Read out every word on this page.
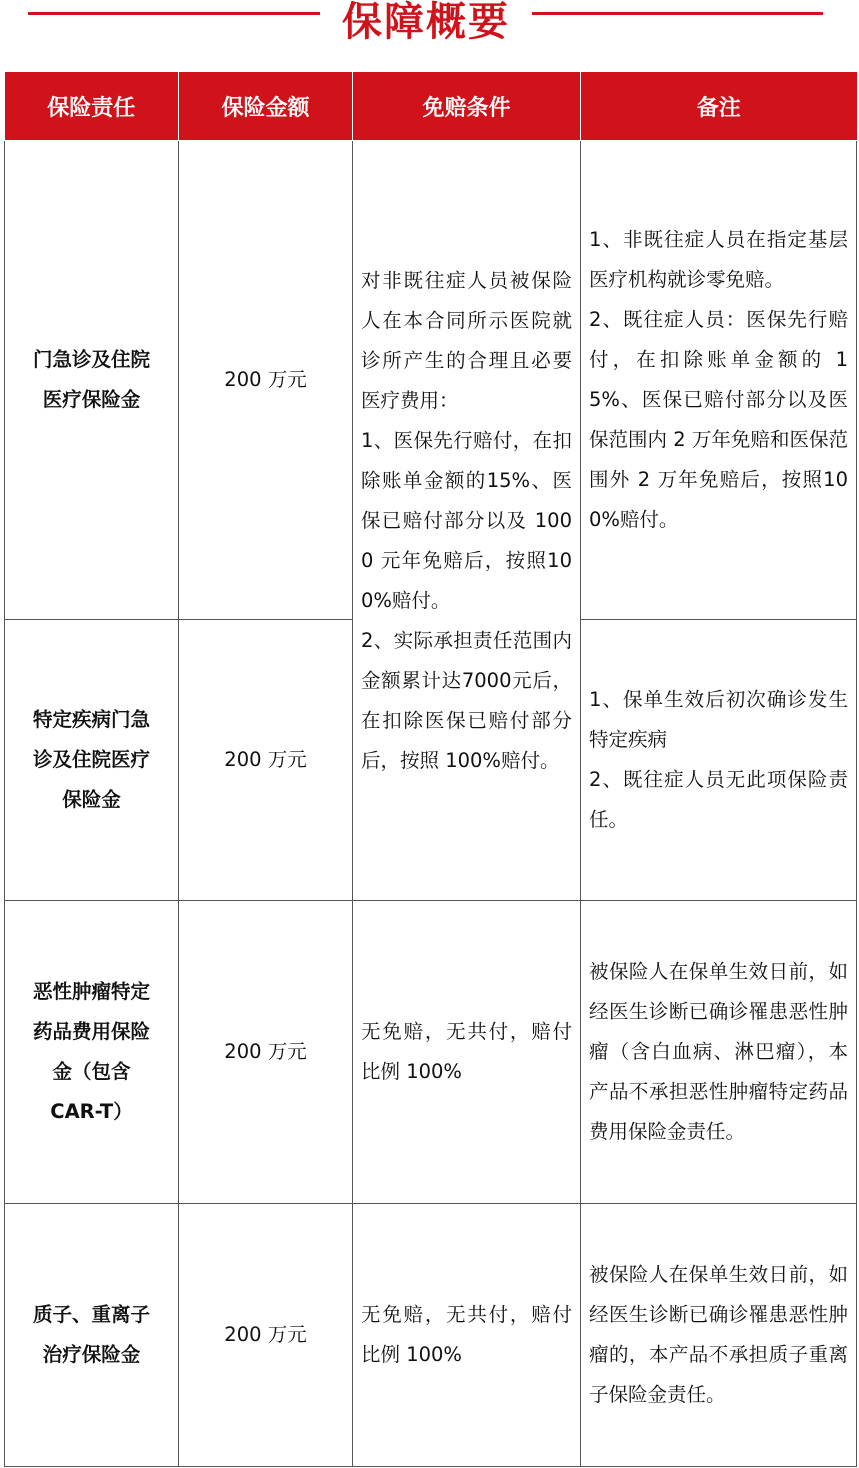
保障概要
保险责任	保险金额	免赔条件	备注

门急诊及住院
医疗保险金	200 万元	对非既往症人员被保险人在本合同所示医院就诊所产生的合理且必要医疗费用：
1、医保先行赔付，在扣除账单金额的15%、医保已赔付部分以及 1000 元年免赔后，按照100%赔付。
2、实际承担责任范围内金额累计达7000元后，在扣除医保已赔付部分后，按照 100%赔付。	1、非既往症人员在指定基层医疗机构就诊零免赔。
2、既往症人员：医保先行赔付，在扣除账单金额的 15%、医保已赔付部分以及医保范围内 2 万年免赔和医保范围外 2 万年免赔后，按照100%赔付。

特定疾病门急
诊及住院医疗
保险金	200 万元		1、保单生效后初次确诊发生特定疾病
2、既往症人员无此项保险责任。

恶性肿瘤特定
药品费用保险
金（包含
CAR-T）	200 万元	无免赔，无共付，赔付比例 100%	被保险人在保单生效日前，如经医生诊断已确诊罹患恶性肿瘤（含白血病、淋巴瘤），本产品不承担恶性肿瘤特定药品费用保险金责任。

质子、重离子
治疗保险金	200 万元	无免赔，无共付，赔付比例 100%	被保险人在保单生效日前，如经医生诊断已确诊罹患恶性肿瘤的，本产品不承担质子重离子保险金责任。
